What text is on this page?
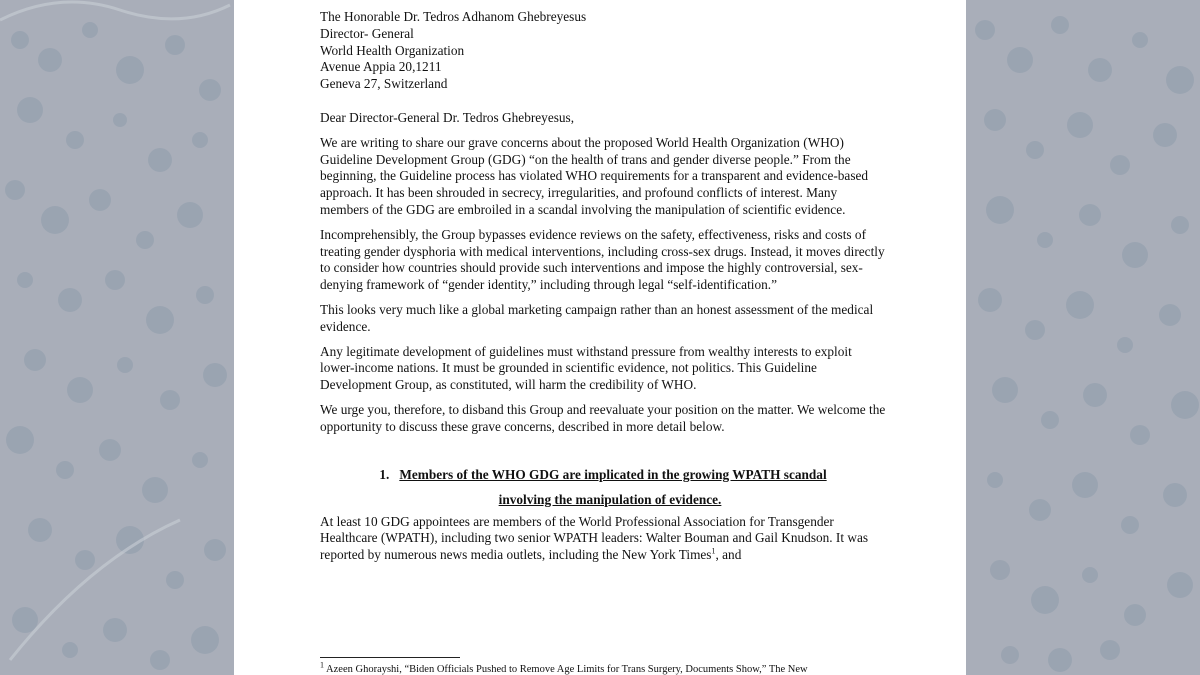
The Honorable Dr. Tedros Adhanom Ghebreyesus
Director- General
World Health Organization
Avenue Appia 20,1211
Geneva 27, Switzerland
Dear Director-General Dr. Tedros Ghebreyesus,

We are writing to share our grave concerns about the proposed World Health Organization (WHO) Guideline Development Group (GDG) “on the health of trans and gender diverse people.” From the beginning, the Guideline process has violated WHO requirements for a transparent and evidence-based approach. It has been shrouded in secrecy, irregularities, and profound conflicts of interest. Many members of the GDG are embroiled in a scandal involving the manipulation of scientific evidence.

Incomprehensibly, the Group bypasses evidence reviews on the safety, effectiveness, risks and costs of treating gender dysphoria with medical interventions, including cross-sex drugs. Instead, it moves directly to consider how countries should provide such interventions and impose the highly controversial, sex-denying framework of “gender identity,” including through legal “self-identification.”

This looks very much like a global marketing campaign rather than an honest assessment of the medical evidence.

Any legitimate development of guidelines must withstand pressure from wealthy interests to exploit lower-income nations. It must be grounded in scientific evidence, not politics. This Guideline Development Group, as constituted, will harm the credibility of WHO.

We urge you, therefore, to disband this Group and reevaluate your position on the matter. We welcome the opportunity to discuss these grave concerns, described in more detail below.

1. Members of the WHO GDG are implicated in the growing WPATH scandal
involving the manipulation of evidence.

At least 10 GDG appointees are members of the World Professional Association for Transgender Healthcare (WPATH), including two senior WPATH leaders: Walter Bouman and Gail Knudson. It was reported by numerous news media outlets, including the New York Times$^1$, and

$^1$ Azeen Ghorayshi, “Biden Officials Pushed to Remove Age Limits for Trans Surgery, Documents Show,” The New
